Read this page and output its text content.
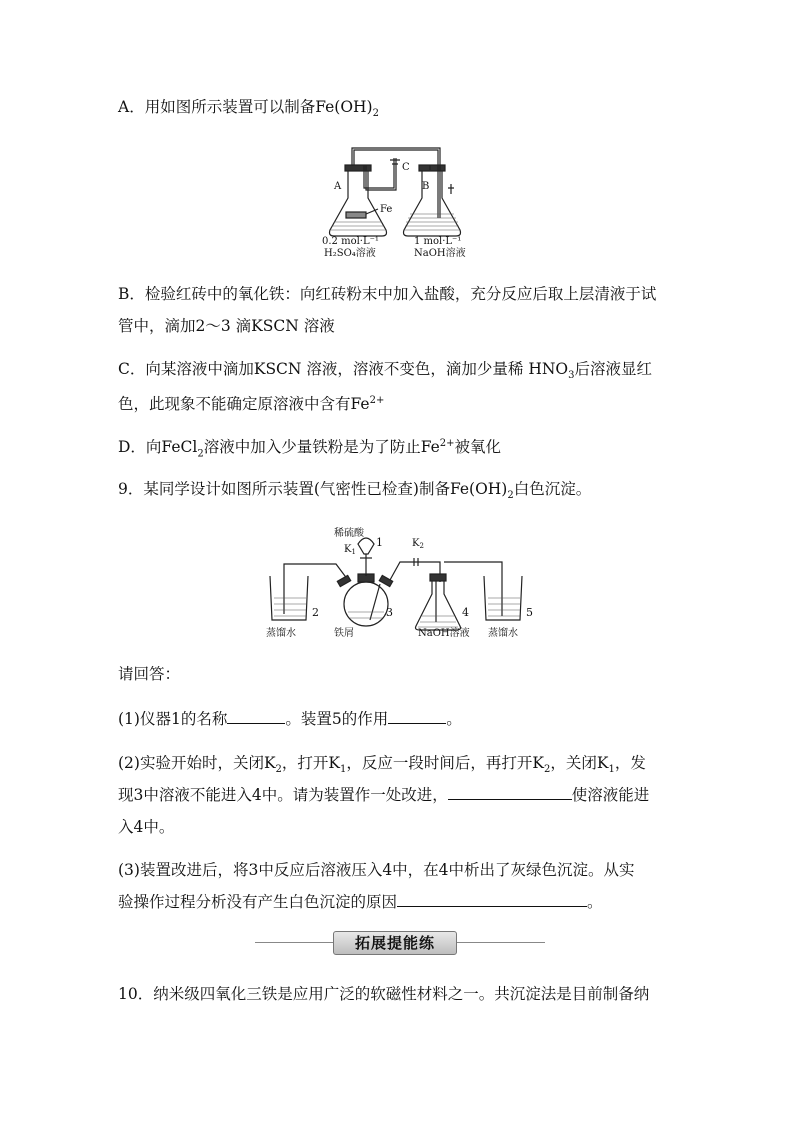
A．用如图所示装置可以制备$Fe(OH)_2$
A	B
C
Fe
0.2 mol·L⁻¹
H₂SO₄溶液
1 mol·L⁻¹
NaOH溶液
B．检验红砖中的氧化铁：向红砖粉末中加入盐酸，充分反应后取上层清液于试
管中，滴加2～3 滴KSCN 溶液
C．向某溶液中滴加KSCN 溶液，溶液不变色，滴加少量稀 $HNO_3$后溶液显红
色，此现象不能确定原溶液中含有$Fe^{2+}$
D．向FeCl$_2$溶液中加入少量铁粉是为了防止$Fe^{2+}$被氧化
9．某同学设计如图所示装置(气密性已检查)制备$Fe(OH)_2$白色沉淀。
稀硫酸
$K_1$
$K_2$
1
2	3	4	5
蒸馏水	铁屑	NaOH溶液 蒸馏水
请回答：
(1)仪器1的名称	。装置5的作用	。
(2)实验开始时，关闭$K_2$，打开$K_1$，反应一段时间后，再打开$K_2$，关闭$K_1$，发
现3中溶液不能进入4中。请为装置作一处改进，	使溶液能进
入4中。
(3)装置改进后，将3中反应后溶液压入4中，在4中析出了灰绿色沉淀。从实
验操作过程分析没有产生白色沉淀的原因	。
拓展提能练
10．纳米级四氧化三铁是应用广泛的软磁性材料之一。共沉淀法是目前制备纳
